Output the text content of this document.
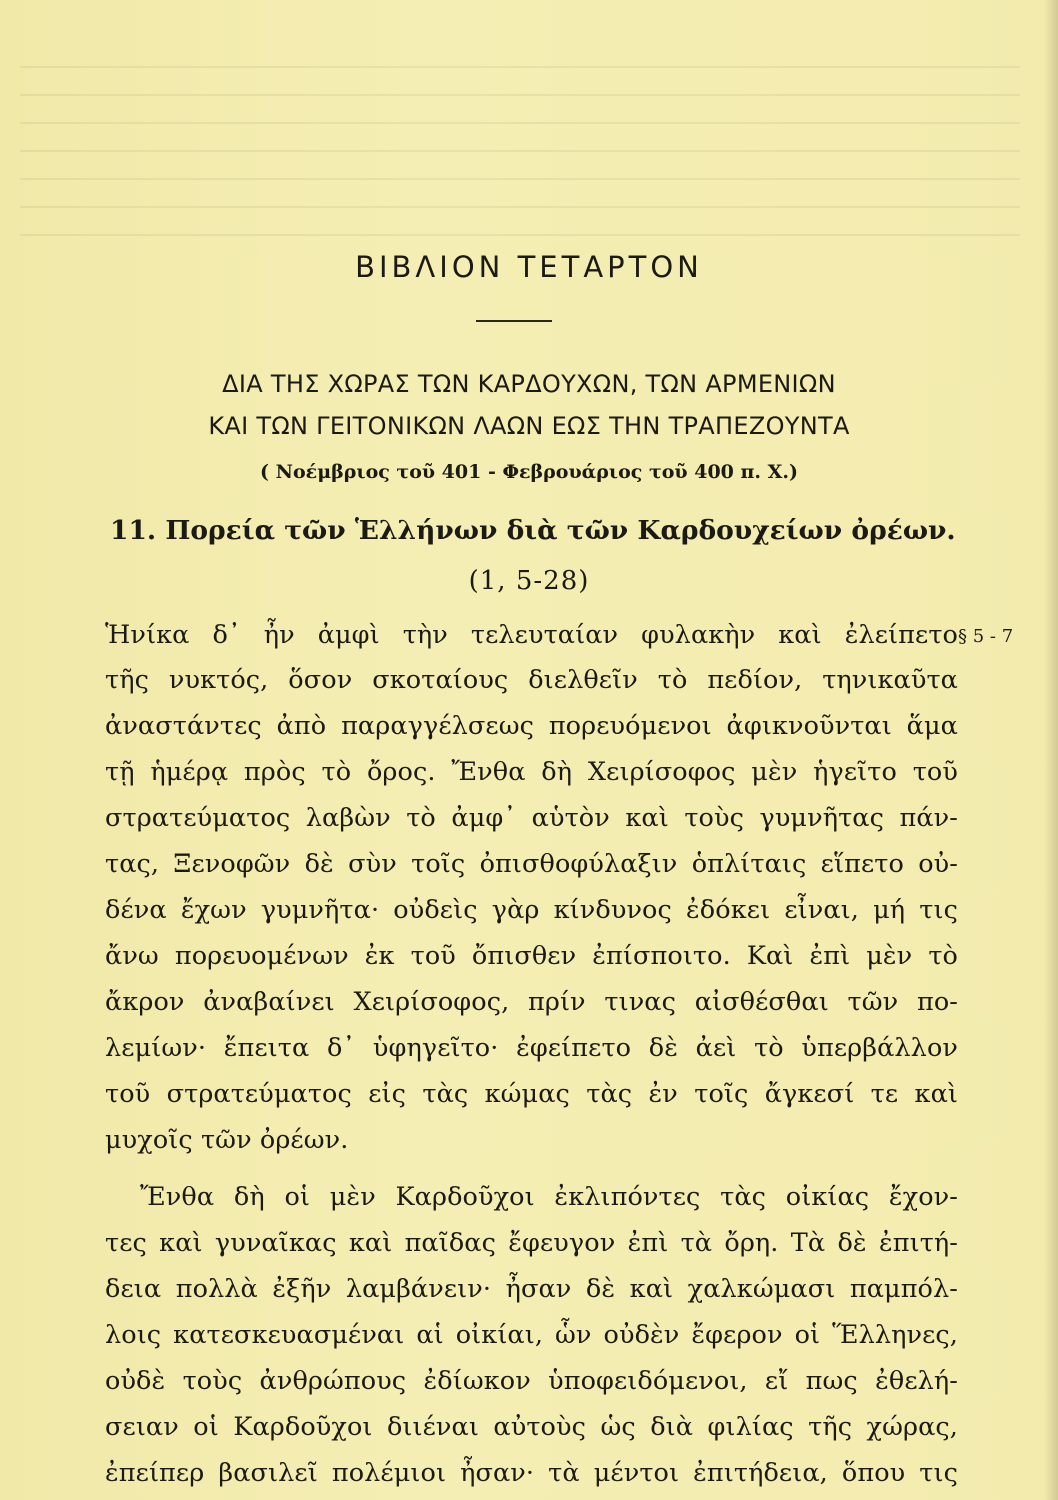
ΒΙΒΛΙΟΝ ΤΕΤΑΡΤΟΝ
ΔΙΑ ΤΗΣ ΧΩΡΑΣ ΤΩΝ ΚΑΡΔΟΥΧΩΝ, ΤΩΝ ΑΡΜΕΝΙΩΝ
ΚΑΙ ΤΩΝ ΓΕΙΤΟΝΙΚΩΝ ΛΑΩΝ ΕΩΣ ΤΗΝ ΤΡΑΠΕΖΟΥΝΤΑ
( Νοέμβριος τοῦ 401 - Φεβρουάριος τοῦ 400 π. Χ.)
11. Πορεία τῶν Ἑλλήνων διὰ τῶν Καρδουχείων ὀρέων.
(1, 5-28)
§ 5 - 7
Ἡνίκα δ᾿ ἦν ἀμφὶ τὴν τελευταίαν φυλακὴν καὶ ἐλείπετο
τῆς νυκτός, ὅσον σκοταίους διελθεῖν τὸ πεδίον, τηνικαῦτα
ἀναστάντες ἀπὸ παραγγέλσεως πορευόμενοι ἀφικνοῦνται ἅμα
τῇ ἡμέρᾳ πρὸς τὸ ὄρος. Ἔνθα δὴ Χειρίσοφος μὲν ἡγεῖτο τοῦ
στρατεύματος λαβὼν τὸ ἀμφ᾿ αὑτὸν καὶ τοὺς γυμνῆτας πάν-
τας, Ξενοφῶν δὲ σὺν τοῖς ὀπισθοφύλαξιν ὁπλίταις εἵπετο οὐ-
δένα ἔχων γυμνῆτα· οὐδεὶς γὰρ κίνδυνος ἐδόκει εἶναι, μή τις
ἄνω πορευομένων ἐκ τοῦ ὄπισθεν ἐπίσποιτο. Καὶ ἐπὶ μὲν τὸ
ἄκρον ἀναβαίνει Χειρίσοφος, πρίν τινας αἰσθέσθαι τῶν πο-
λεμίων· ἔπειτα δ᾿ ὑφηγεῖτο· ἐφείπετο δὲ ἀεὶ τὸ ὑπερβάλλον
τοῦ στρατεύματος εἰς τὰς κώμας τὰς ἐν τοῖς ἄγκεσί τε καὶ
μυχοῖς τῶν ὀρέων.
Ἔνθα δὴ οἱ μὲν Καρδοῦχοι ἐκλιπόντες τὰς οἰκίας ἔχον-
τες καὶ γυναῖκας καὶ παῖδας ἔφευγον ἐπὶ τὰ ὄρη. Τὰ δὲ ἐπιτή-
δεια πολλὰ ἐξῆν λαμβάνειν· ἦσαν δὲ καὶ χαλκώμασι παμπόλ-
λοις κατεσκευασμέναι αἱ οἰκίαι, ὧν οὐδὲν ἔφερον οἱ Ἕλληνες,
οὐδὲ τοὺς ἀνθρώπους ἐδίωκον ὑποφειδόμενοι, εἴ πως ἐθελή-
σειαν οἱ Καρδοῦχοι διιέναι αὐτοὺς ὡς διὰ φιλίας τῆς χώρας,
ἐπείπερ βασιλεῖ πολέμιοι ἦσαν· τὰ μέντοι ἐπιτήδεια, ὅπου τις
